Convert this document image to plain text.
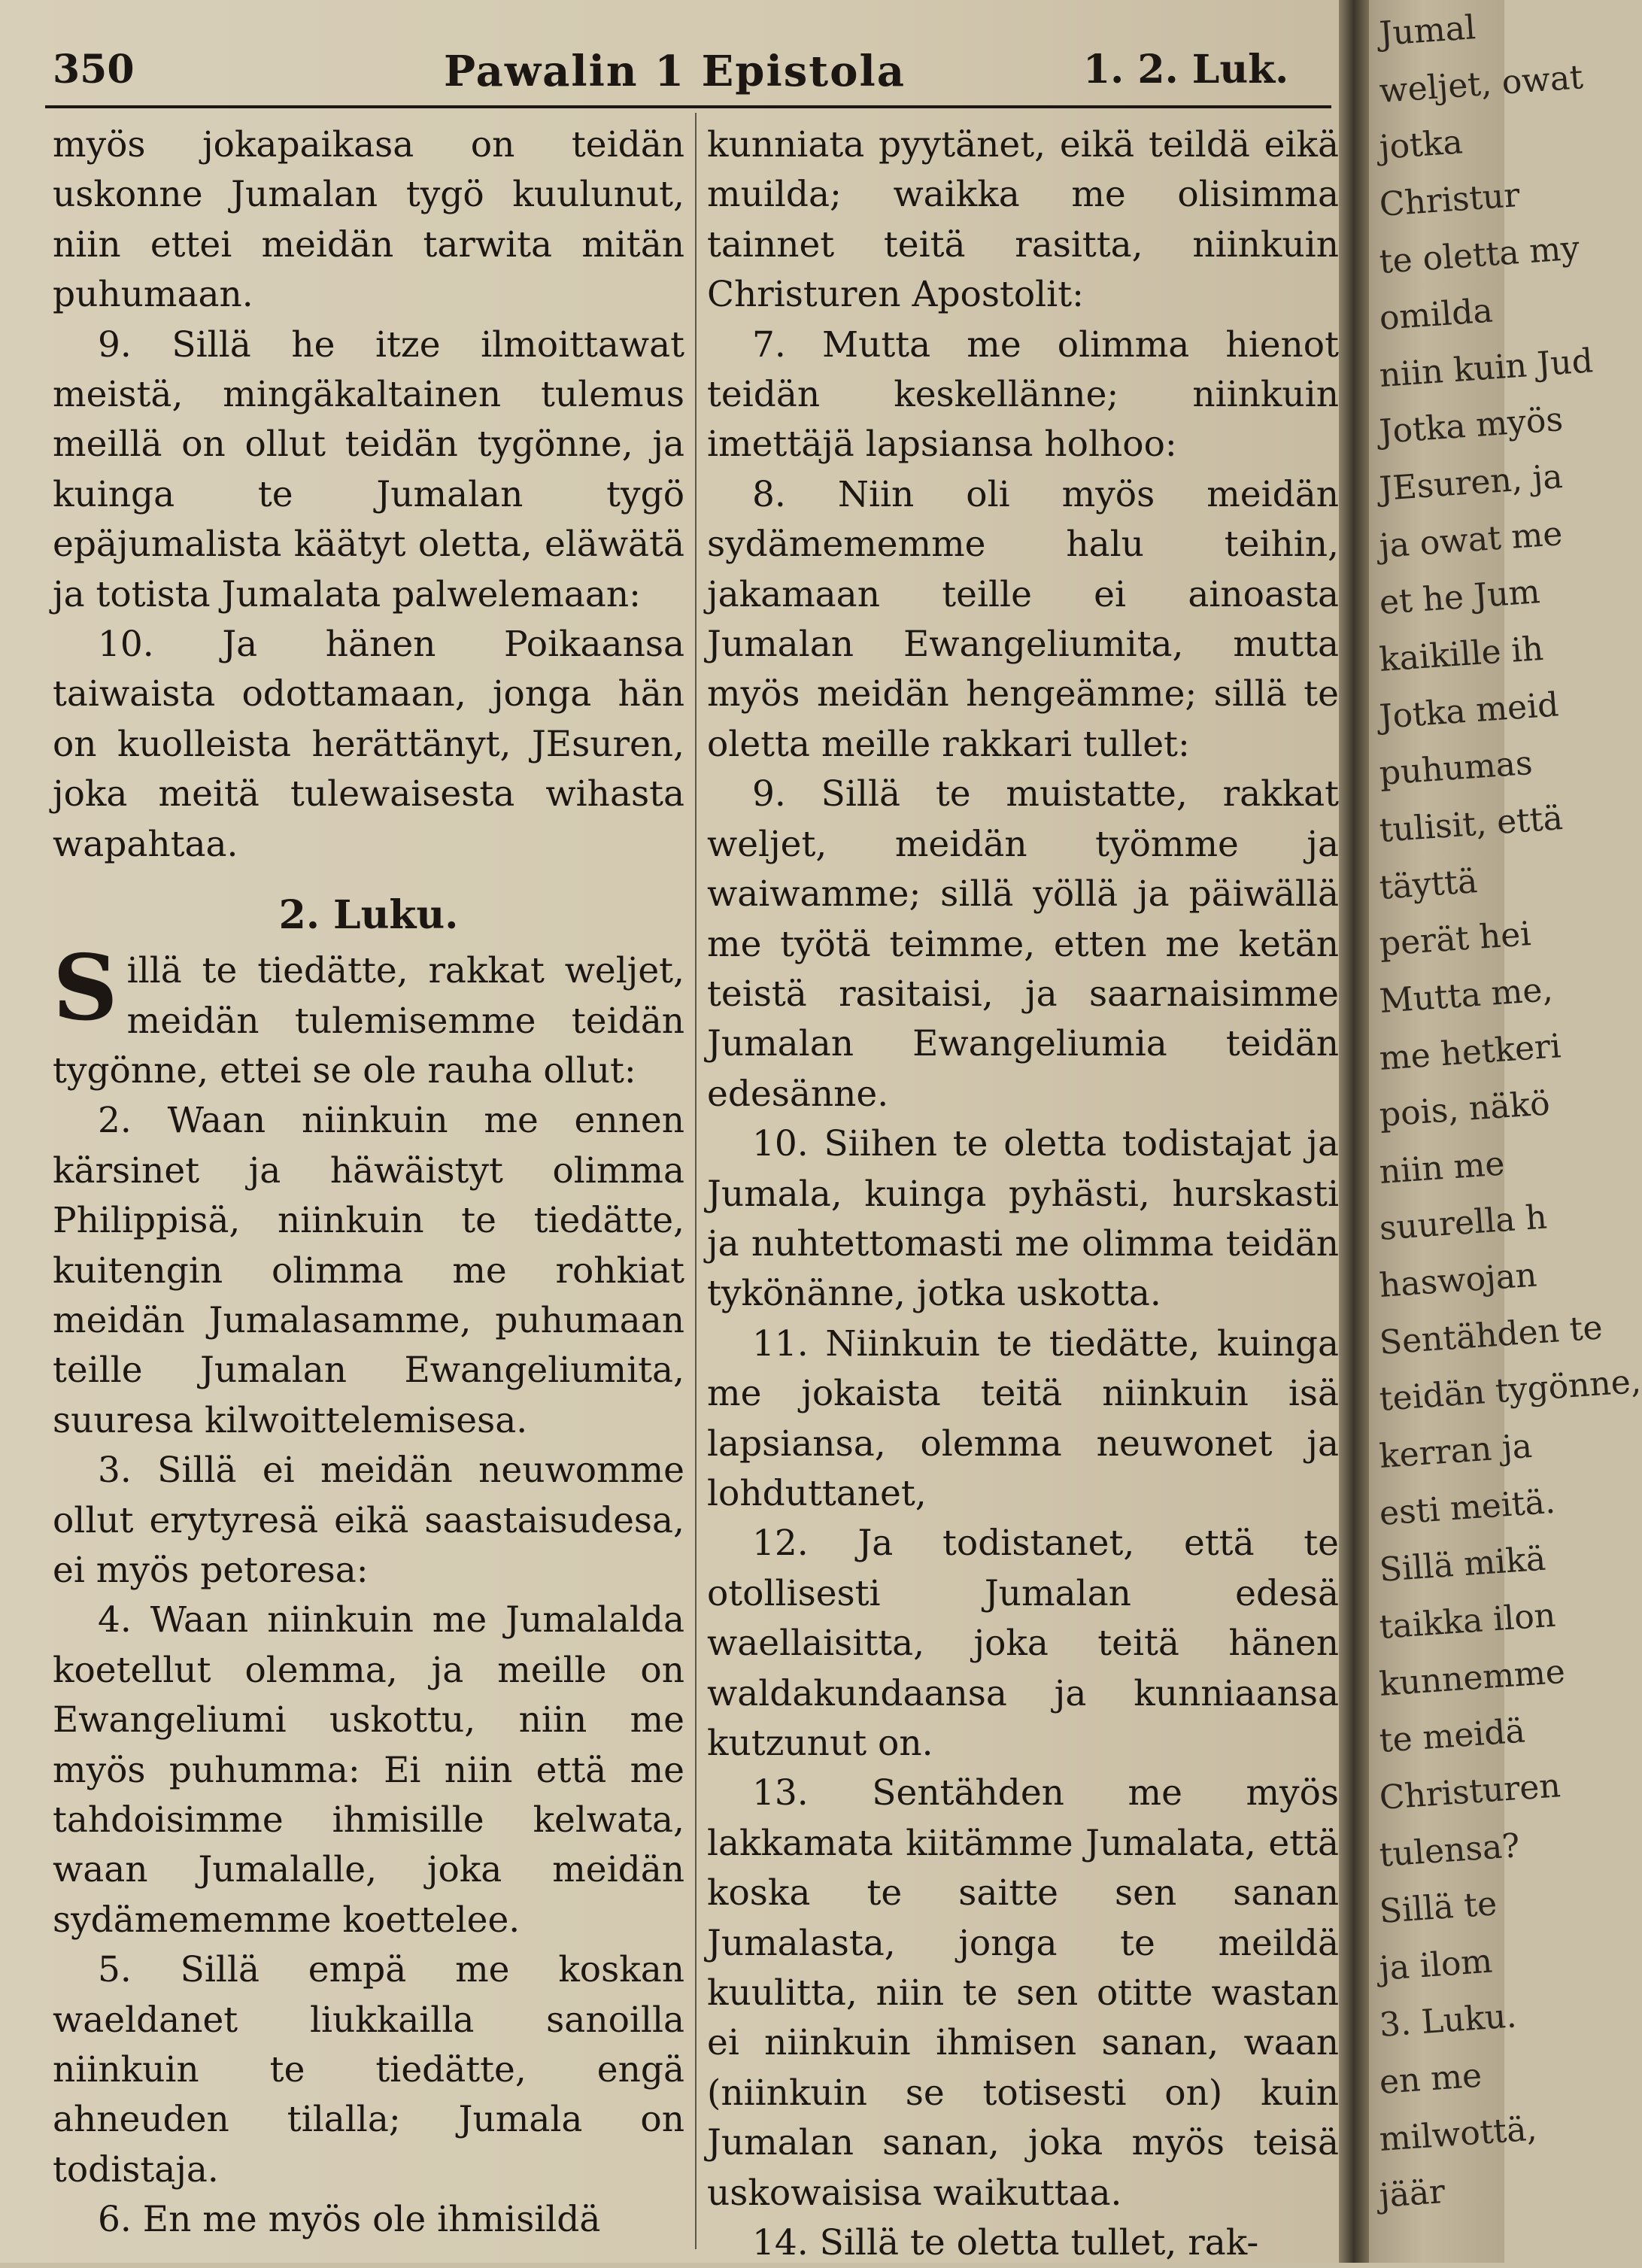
350	Pawalin 1 Epistola	1. 2. Luk.

myös jokapaikasa on teidän uskonne Jumalan tygö kuulunut, niin ettei meidän tarwita mitän puhumaan.

9. Sillä he itze ilmoittawat meistä, mingäkaltainen tulemus meillä on ollut teidän tygönne, ja kuinga te Jumalan tygö epäjumalista käätyt oletta, eläwätä ja totista Jumalata palwelemaan:

10. Ja hänen Poikaansa taiwaista odottamaan, jonga hän on kuolleista herättänyt, JEsuren, joka meitä tulewaisesta wihasta wapahtaa.

2. Luku.

Sillä te tiedätte, rakkat weljet, meidän tulemisemme teidän tygönne, ettei se ole rauha ollut:

2. Waan niinkuin me ennen kärsinet ja häwäistyt olimma Philippisä, niinkuin te tiedätte, kuitengin olimma me rohkiat meidän Jumalasamme, puhumaan teille Jumalan Ewangeliumita, suuresa kilwoittelemisesa.

3. Sillä ei meidän neuwomme ollut erytyresä eikä saastaisudesa, ei myös petoresa:

4. Waan niinkuin me Jumalalda koetellut olemma, ja meille on Ewangeliumi uskottu, niin me myös puhumma: Ei niin että me tahdoisimme ihmisille kelwata, waan Jumalalle, joka meidän sydämememme koettelee.

5. Sillä empä me koskan waeldanet liukkailla sanoilla niinkuin te tiedätte, engä ahneuden tilalla; Jumala on todistaja.

6. En me myös ole ihmisildä

kunniata pyytänet, eikä teildä eikä muilda; waikka me olisimma tainnet teitä rasitta, niinkuin Christuren Apostolit:

7. Mutta me olimma hienot teidän keskellänne; niinkuin imettäjä lapsiansa holhoo:

8. Niin oli myös meidän sydämememme halu teihin, jakamaan teille ei ainoasta Jumalan Ewangeliumita, mutta myös meidän hengeämme; sillä te oletta meille rakkari tullet:

9. Sillä te muistatte, rakkat weljet, meidän työmme ja waiwamme; sillä yöllä ja päiwällä me työtä teimme, etten me ketän teistä rasitaisi, ja saarnaisimme Jumalan Ewangeliumia teidän edesänne.

10. Siihen te oletta todistajat ja Jumala, kuinga pyhästi, hurskasti ja nuhtettomasti me olimma teidän tykönänne, jotka uskotta.

11. Niinkuin te tiedätte, kuinga me jokaista teitä niinkuin isä lapsiansa, olemma neuwonet ja lohduttanet,

12. Ja todistanet, että te otollisesti Jumalan edesä waellaisitta, joka teitä hänen waldakundaansa ja kunniaansa kutzunut on.

13. Sentähden me myös lakkamata kiitämme Jumalata, että koska te saitte sen sanan Jumalasta, jonga te meildä kuulitta, niin te sen otitte wastan ei niinkuin ihmisen sanan, waan (niinkuin se totisesti on) kuin Jumalan sanan, joka myös teisä uskowaisisa waikuttaa.

14. Sillä te oletta tullet, rak-

Jumal
weljet, owat
jotka
Christur
te oletta my
omilda
niin kuin Jud
Jotka myös
JEsuren, ja
ja owat me
et he Jum
kaikille ih
Jotka meid
puhumas
tulisit, että
täyttä
perät hei
Mutta me,
me hetkeri
pois, näkö
niin me
suurella h
haswojan
Sentähden te
teidän tygönne,
kerran ja
esti meitä.
Sillä mikä
taikka ilon
kunnemme
te meidä
Christuren
tulensa?
Sillä te
ja ilom
3. Luku.
en me
milwottä,
jäär
